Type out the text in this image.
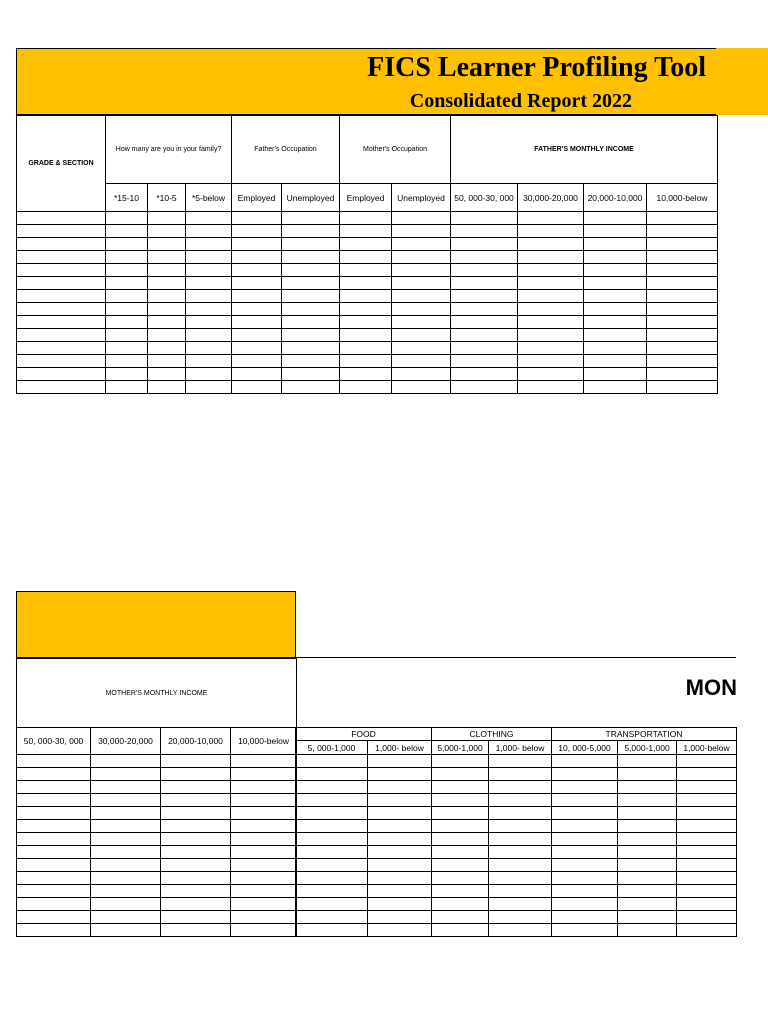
FICS Learner Profiling Tool
Consolidated Report 2022
GRADE & SECTION	How many are you in your family?			Father's Occupation		Mother's Occupation		FATHER'S MONTHLY INCOME			
	*15-10	*10-5	*5-below	Employed	Unemployed	Employed	Unemployed	50, 000-30, 000	30,000-20,000	20,000-10,000	10,000-below

MOTHER'S MONTHLY INCOME			
50, 000-30, 000	30,000-20,000	20,000-10,000	10,000-below

MON
FOOD		CLOTHING		TRANSPORTATION		
5, 000-1,000	1,000- below	5,000-1,000	1,000- below	10, 000-5,000	5,000-1,000	1,000-below
